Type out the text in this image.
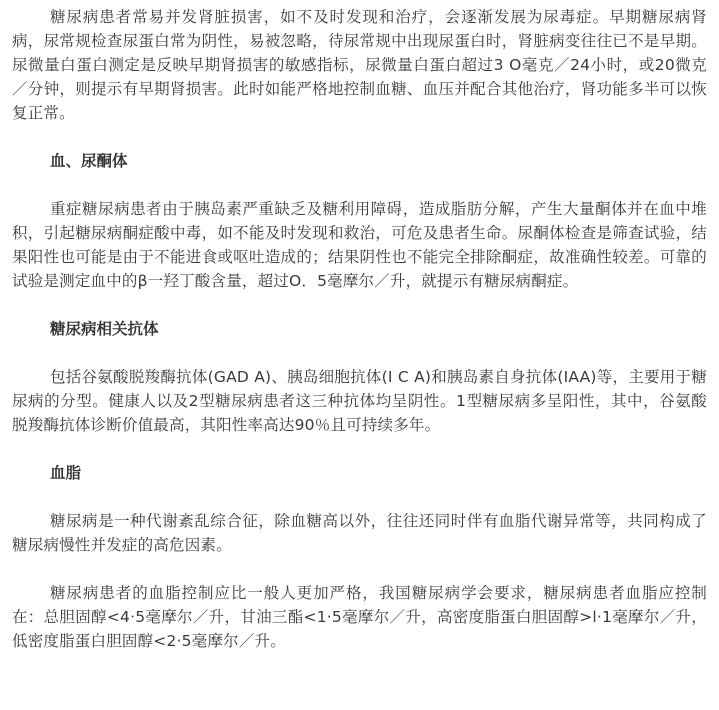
糖尿病患者常易并发肾脏损害，如不及时发现和治疗，会逐渐发展为尿毒症。早期糖尿病肾病，尿常规检查尿蛋白常为阴性，易被忽略，待尿常规中出现尿蛋白时，肾脏病变往往已不是早期。尿微量白蛋白测定是反映早期肾损害的敏感指标，尿微量白蛋白超过3 O毫克／24小时，或20微克／分钟，则提示有早期肾损害。此时如能严格地控制血糖、血压并配合其他治疗，肾功能多半可以恢复正常。

血、尿酮体

重症糖尿病患者由于胰岛素严重缺乏及糖利用障碍，造成脂肪分解，产生大量酮体并在血中堆积，引起糖尿病酮症酸中毒，如不能及时发现和救治，可危及患者生命。尿酮体检查是筛查试验，结果阳性也可能是由于不能进食或呕吐造成的；结果阴性也不能完全排除酮症，故准确性较差。可靠的试验是测定血中的β一羟丁酸含量，超过O．5毫摩尔／升，就提示有糖尿病酮症。

糖尿病相关抗体

包括谷氨酸脱羧酶抗体(GAD A)、胰岛细胞抗体(I C A)和胰岛素自身抗体(IAA)等，主要用于糖尿病的分型。健康人以及2型糖尿病患者这三种抗体均呈阴性。1型糖尿病多呈阳性，其中，谷氨酸脱羧酶抗体诊断价值最高，其阳性率高达90％且可持续多年。

血脂

糖尿病是一种代谢紊乱综合征，除血糖高以外，往往还同时伴有血脂代谢异常等，共同构成了糖尿病慢性并发症的高危因素。

糖尿病患者的血脂控制应比一般人更加严格，我国糖尿病学会要求，糖尿病患者血脂应控制在：总胆固醇<4·5毫摩尔／升，甘油三酯<1·5毫摩尔／升，高密度脂蛋白胆固醇>l·1毫摩尔／升，低密度脂蛋白胆固醇<2·5毫摩尔／升。
